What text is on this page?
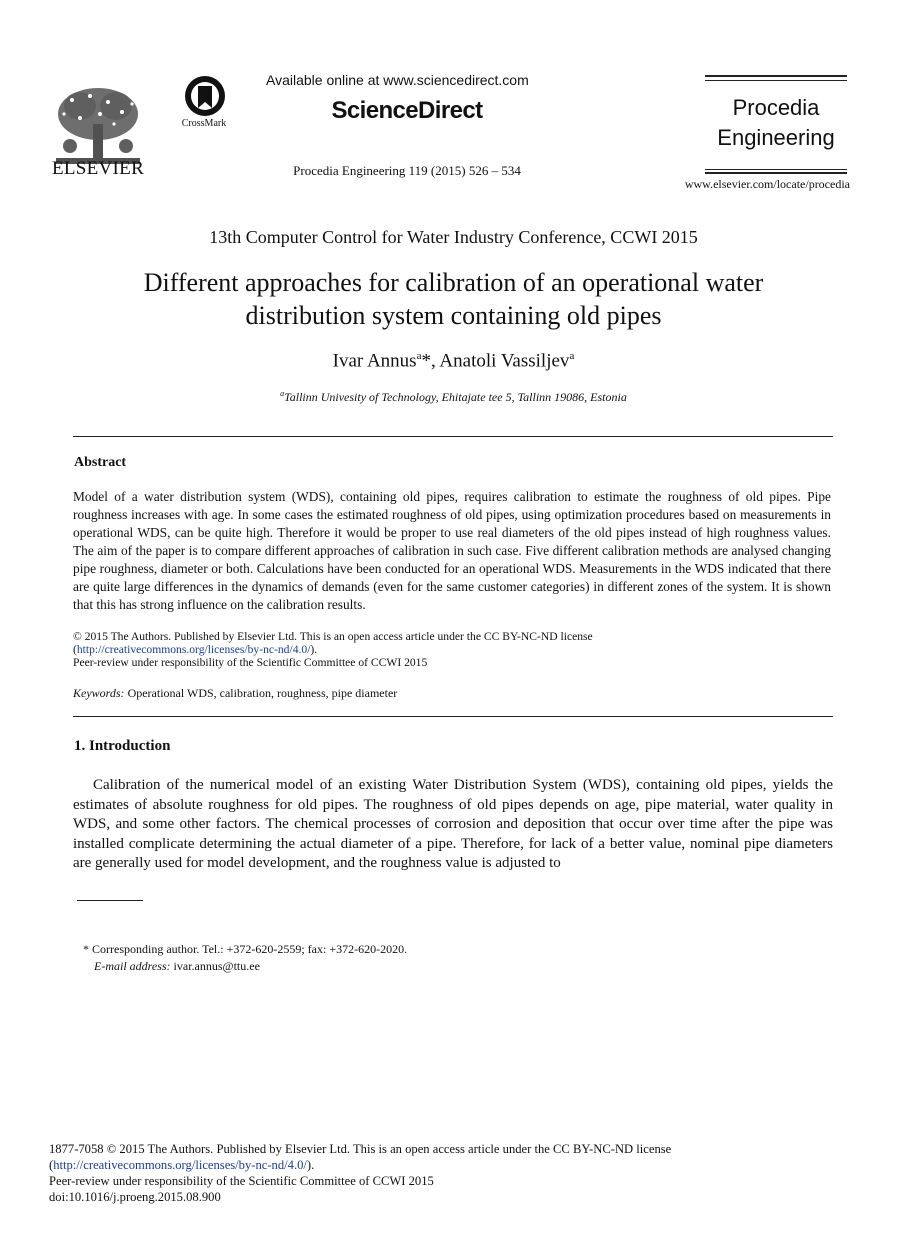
ELSEVIER
CrossMark
Available online at www.sciencedirect.com
ScienceDirect
Procedia Engineering 119 (2015) 526 – 534
Procedia
Engineering
www.elsevier.com/locate/procedia
13th Computer Control for Water Industry Conference, CCWI 2015
Different approaches for calibration of an operational water
distribution system containing old pipes
Ivar Annus$^a$*, Anatoli Vassiljev$^a$
$^a$Tallinn Univesity of Technology, Ehitajate tee 5, Tallinn 19086, Estonia
Abstract
Model of a water distribution system (WDS), containing old pipes, requires calibration to estimate the roughness of old pipes. Pipe roughness increases with age. In some cases the estimated roughness of old pipes, using optimization procedures based on measurements in operational WDS, can be quite high. Therefore it would be proper to use real diameters of the old pipes instead of high roughness values. The aim of the paper is to compare different approaches of calibration in such case. Five different calibration methods are analysed changing pipe roughness, diameter or both. Calculations have been conducted for an operational WDS. Measurements in the WDS indicated that there are quite large differences in the dynamics of demands (even for the same customer categories) in different zones of the system. It is shown that this has strong influence on the calibration results.
© 2015 The Authors. Published by Elsevier Ltd. This is an open access article under the CC BY-NC-ND license
(http://creativecommons.org/licenses/by-nc-nd/4.0/).
Peer-review under responsibility of the Scientific Committee of CCWI 2015
Keywords: Operational WDS, calibration, roughness, pipe diameter
1. Introduction
Calibration of the numerical model of an existing Water Distribution System (WDS), containing old pipes, yields the estimates of absolute roughness for old pipes. The roughness of old pipes depends on age, pipe material, water quality in WDS, and some other factors. The chemical processes of corrosion and deposition that occur over time after the pipe was installed complicate determining the actual diameter of a pipe. Therefore, for lack of a better value, nominal pipe diameters are generally used for model development, and the roughness value is adjusted to
* Corresponding author. Tel.: +372-620-2559; fax: +372-620-2020.
E-mail address: ivar.annus@ttu.ee
1877-7058 © 2015 The Authors. Published by Elsevier Ltd. This is an open access article under the CC BY-NC-ND license
(http://creativecommons.org/licenses/by-nc-nd/4.0/).
Peer-review under responsibility of the Scientific Committee of CCWI 2015
doi:10.1016/j.proeng.2015.08.900
